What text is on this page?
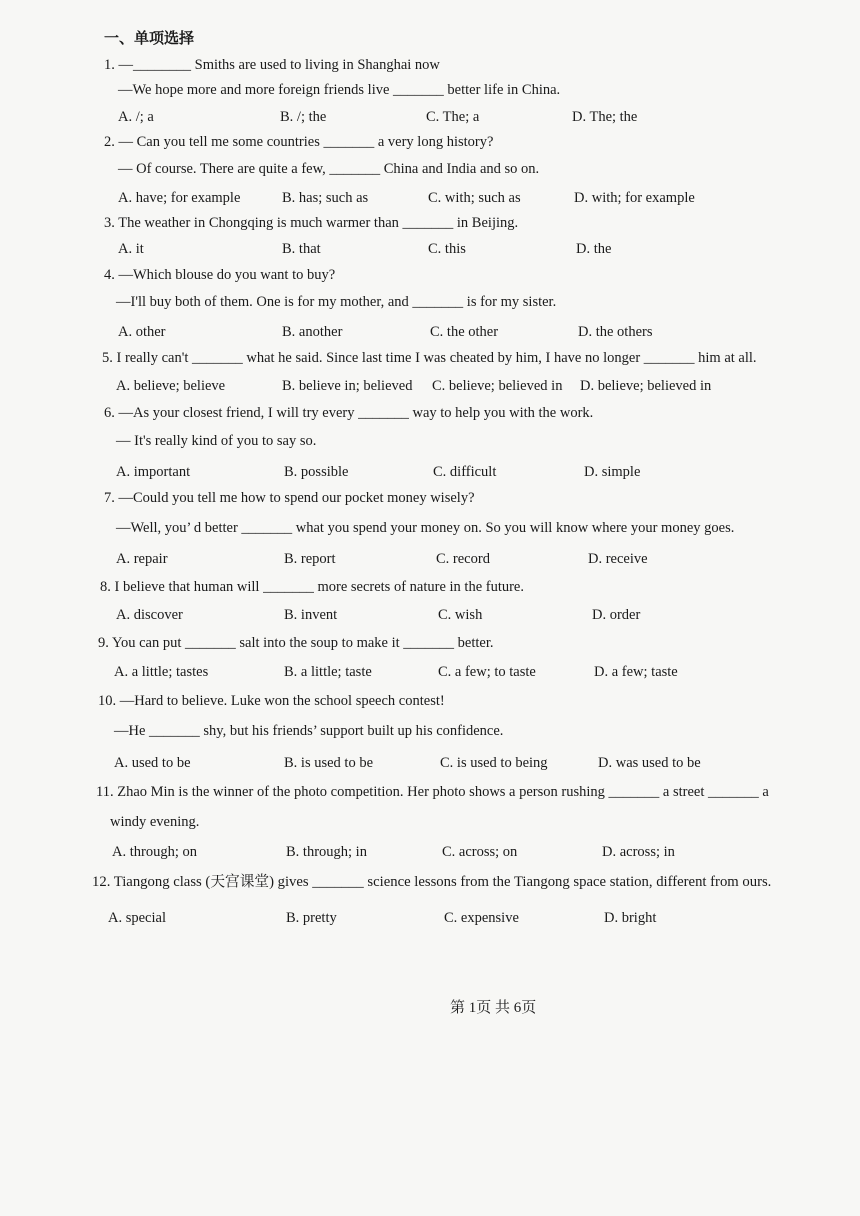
一、单项选择
1. —________ Smiths are used to living in Shanghai now
—We hope more and more foreign friends live _______ better life in China.
A. /; a	B. /; the	C. The; a	D. The; the
2. — Can you tell me some countries _______ a very long history?
— Of course. There are quite a few, _______ China and India and so on.
A. have; for example	B. has; such as	C. with; such as	D. with; for example
3. The weather in Chongqing is much warmer than _______ in Beijing.
A. it	B. that	C. this	D. the
4. —Which blouse do you want to buy?
—I'll buy both of them. One is for my mother, and _______ is for my sister.
A. other	B. another	C. the other	D. the others
5. I really can't _______ what he said. Since last time I was cheated by him, I have no longer _______ him at all.
A. believe; believe	B. believe in; believed C. believe; believed in D. believe; believed in
6. —As your closest friend, I will try every _______ way to help you with the work.
— It's really kind of you to say so.
A. important	B. possible	C. difficult	D. simple
7. —Could you tell me how to spend our pocket money wisely?
—Well, you’ d better _______ what you spend your money on. So you will know where your money goes.
A. repair	B. report	C. record	D. receive
8. I believe that human will _______ more secrets of nature in the future.
A. discover	B. invent	C. wish	D. order
9. You can put _______ salt into the soup to make it _______ better.
A. a little; tastes	B. a little; taste	C. a few; to taste	D. a few; taste
10. —Hard to believe. Luke won the school speech contest!
—He _______ shy, but his friends’ support built up his confidence.
A. used to be	B. is used to be	C. is used to being	D. was used to be
11. Zhao Min is the winner of the photo competition. Her photo shows a person rushing _______ a street _______ a
windy evening.
A. through; on	B. through; in	C. across; on	D. across; in
12. Tiangong class (天宫课堂) gives _______ science lessons from the Tiangong space station, different from ours.
A. special	B. pretty	C. expensive	D. bright
第 1页 共 6页
